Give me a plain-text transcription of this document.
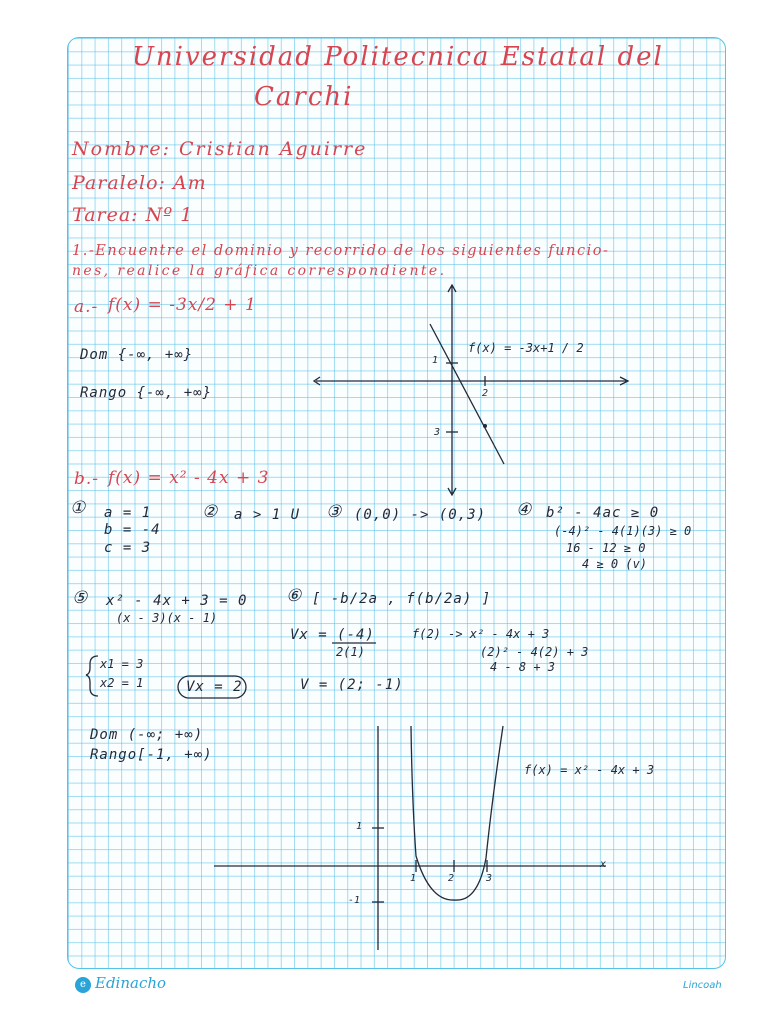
Universidad Politecnica Estatal del
Carchi
Nombre: Cristian Aguirre
Paralelo: Am
Tarea: Nº 1
1.-Encuentre el dominio y recorrido de los siguientes funcio-
nes, realice la gráfica correspondiente.
a.- f(x) = -3x/2 + 1
Dom {-∞, +∞}
Rango {-∞, +∞}
f(x) = -3x+1 / 2
1
2
3
b.- f(x) = x² - 4x + 3
① a = 1
b = -4
c = 3
② a > 1 U ③ (0,0) -> (0,3) ④ b² - 4ac ≥ 0
(-4)² - 4(1)(3) ≥ 0
16 - 12 ≥ 0
4 ≥ 0 (v)
⑤ x² - 4x + 3 = 0
(x - 3)(x - 1)
⑥ [ -b/2a , f(b/2a) ]
Vx = (-4)
2(1)
f(2) -> x² - 4x + 3
(2)² - 4(2) + 3
4 - 8 + 3
x1 = 3
x2 = 1	Vx = 2	V = (2; -1)
Dom (-∞; +∞)
Rango[-1, +∞)
f(x) = x² - 4x + 3
x
1
-1
1	2	3
e Edinacho	Lincoah
